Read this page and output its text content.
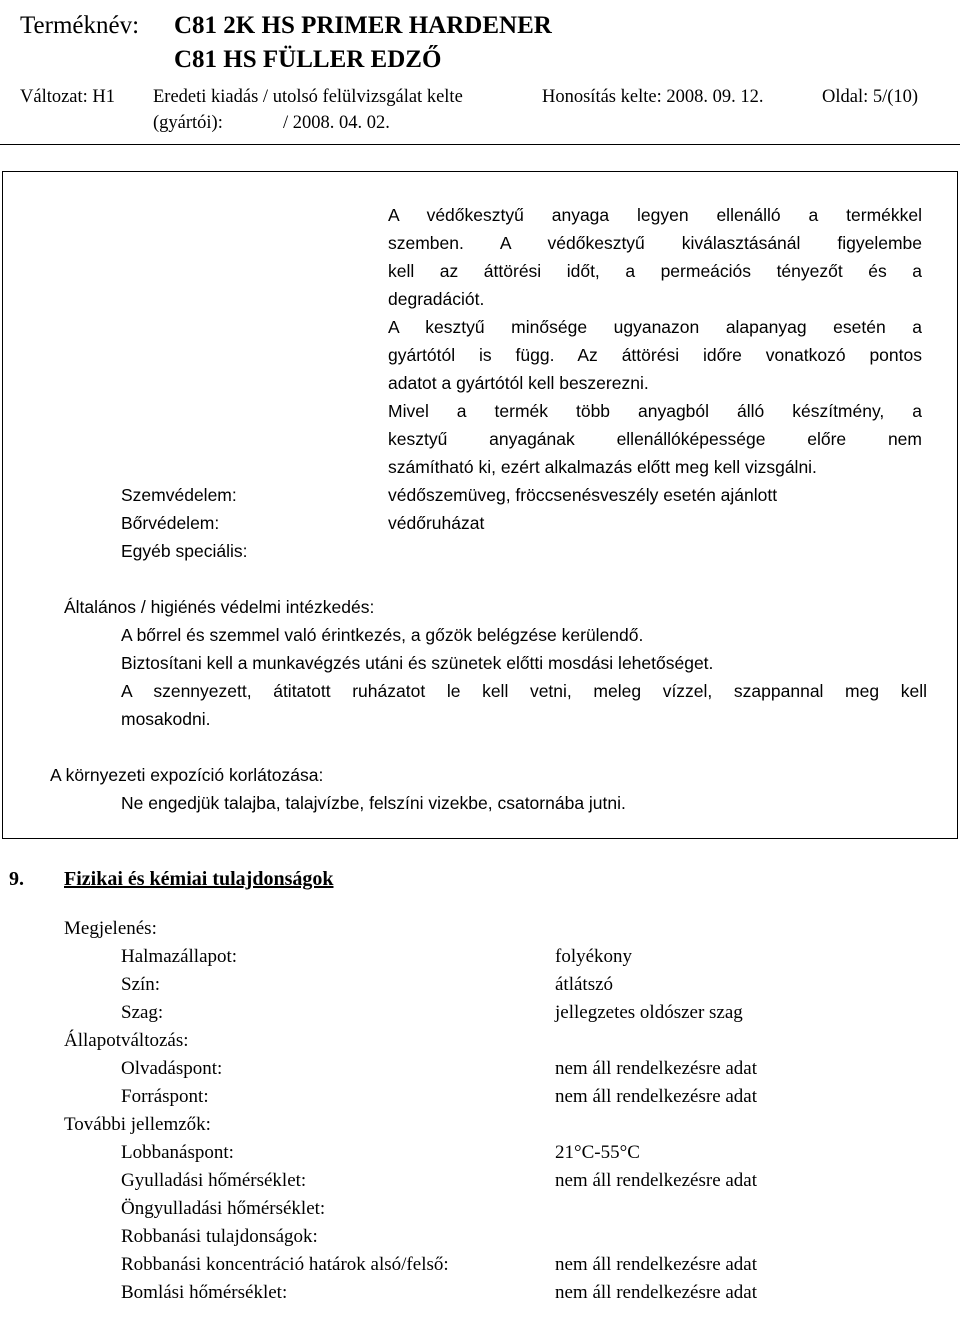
Terméknév: C81 2K HS PRIMER HARDENER
C81 HS FÜLLER EDZŐ
Változat: H1 Eredeti kiadás / utolsó felülvizsgálat kelte	Honosítás kelte: 2008. 09. 12.	Oldal: 5/(10)
(gyártói):	/ 2008. 04. 02.
A védőkesztyű anyaga legyen ellenálló a termékkel
szemben. A védőkesztyű kiválasztásánál figyelembe
kell az áttörési időt, a permeációs tényezőt és a
degradációt.
A kesztyű minősége ugyanazon alapanyag esetén a
gyártótól is függ. Az áttörési időre vonatkozó pontos
adatot a gyártótól kell beszerezni.
Mivel a termék több anyagból álló készítmény, a
kesztyű anyagának ellenállóképessége előre nem
számítható ki, ezért alkalmazás előtt meg kell vizsgálni.
Szemvédelem:	védőszemüveg, fröccsenésveszély esetén ajánlott
Bőrvédelem:	védőruházat
Egyéb speciális:
Általános / higiénés védelmi intézkedés:
A bőrrel és szemmel való érintkezés, a gőzök belégzése kerülendő.
Biztosítani kell a munkavégzés utáni és szünetek előtti mosdási lehetőséget.
A szennyezett, átitatott ruházatot le kell vetni, meleg vízzel, szappannal meg kell
mosakodni.
A környezeti expozíció korlátozása:
Ne engedjük talajba, talajvízbe, felszíni vizekbe, csatornába jutni.
9. Fizikai és kémiai tulajdonságok
Megjelenés:
Halmazállapot:	folyékony
Szín:	átlátszó
Szag:	jellegzetes oldószer szag
Állapotváltozás:
Olvadáspont:	nem áll rendelkezésre adat
Forráspont:	nem áll rendelkezésre adat
További jellemzők:
Lobbanáspont:	21°C-55°C
Gyulladási hőmérséklet:	nem áll rendelkezésre adat
Öngyulladási hőmérséklet:
Robbanási tulajdonságok:
Robbanási koncentráció határok alsó/felső:	nem áll rendelkezésre adat
Bomlási hőmérséklet:	nem áll rendelkezésre adat
